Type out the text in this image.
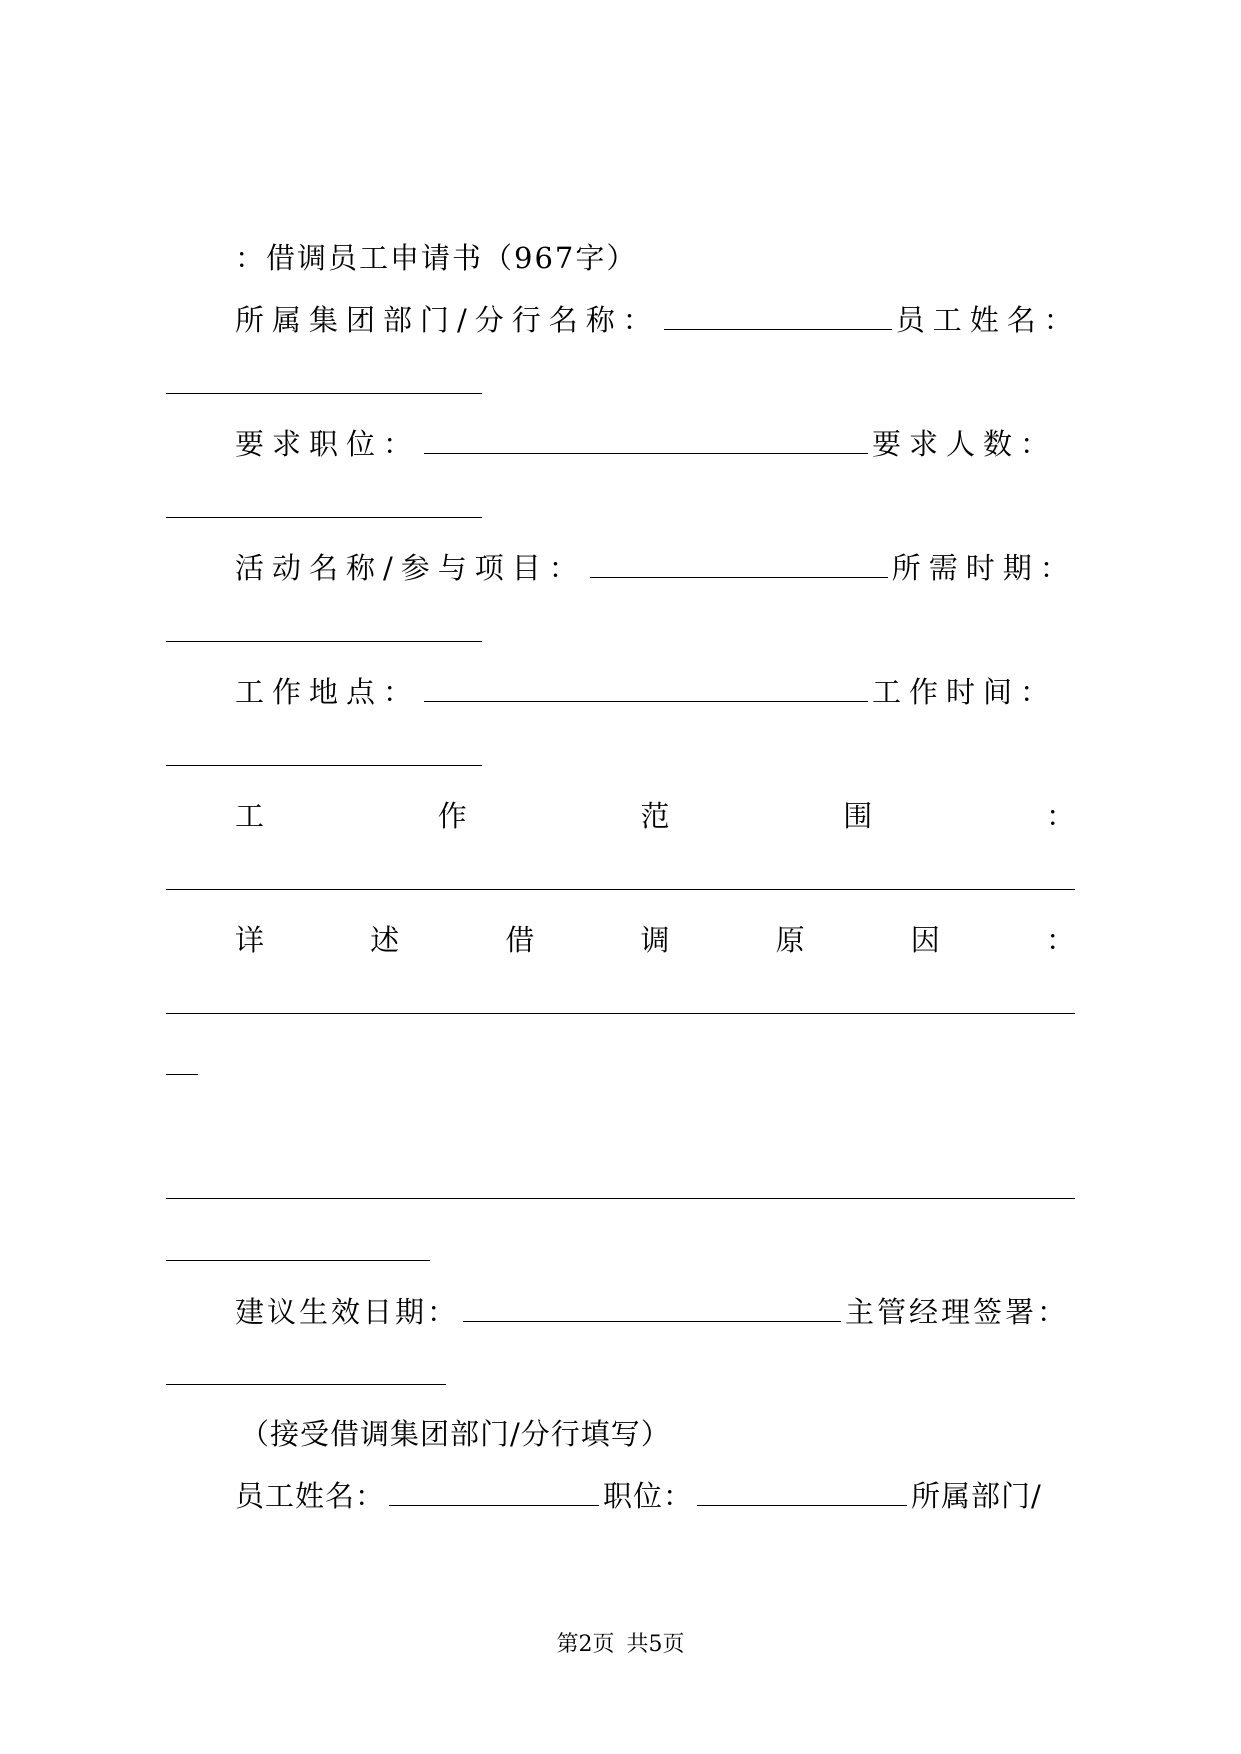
：借调员工申请书（967字）
所属集团部门/分行名称：	员工姓名：
要求职位：	要求人数：
活动名称/参与项目：	所需时期：
工作地点：	工作时间：
工	作	范	围	：
详	述	借	调	原	因	：
建议生效日期：	主管经理签署：
（接受借调集团部门/分行填写）
员工姓名：	职位：	所属部门/
第2页 共5页
